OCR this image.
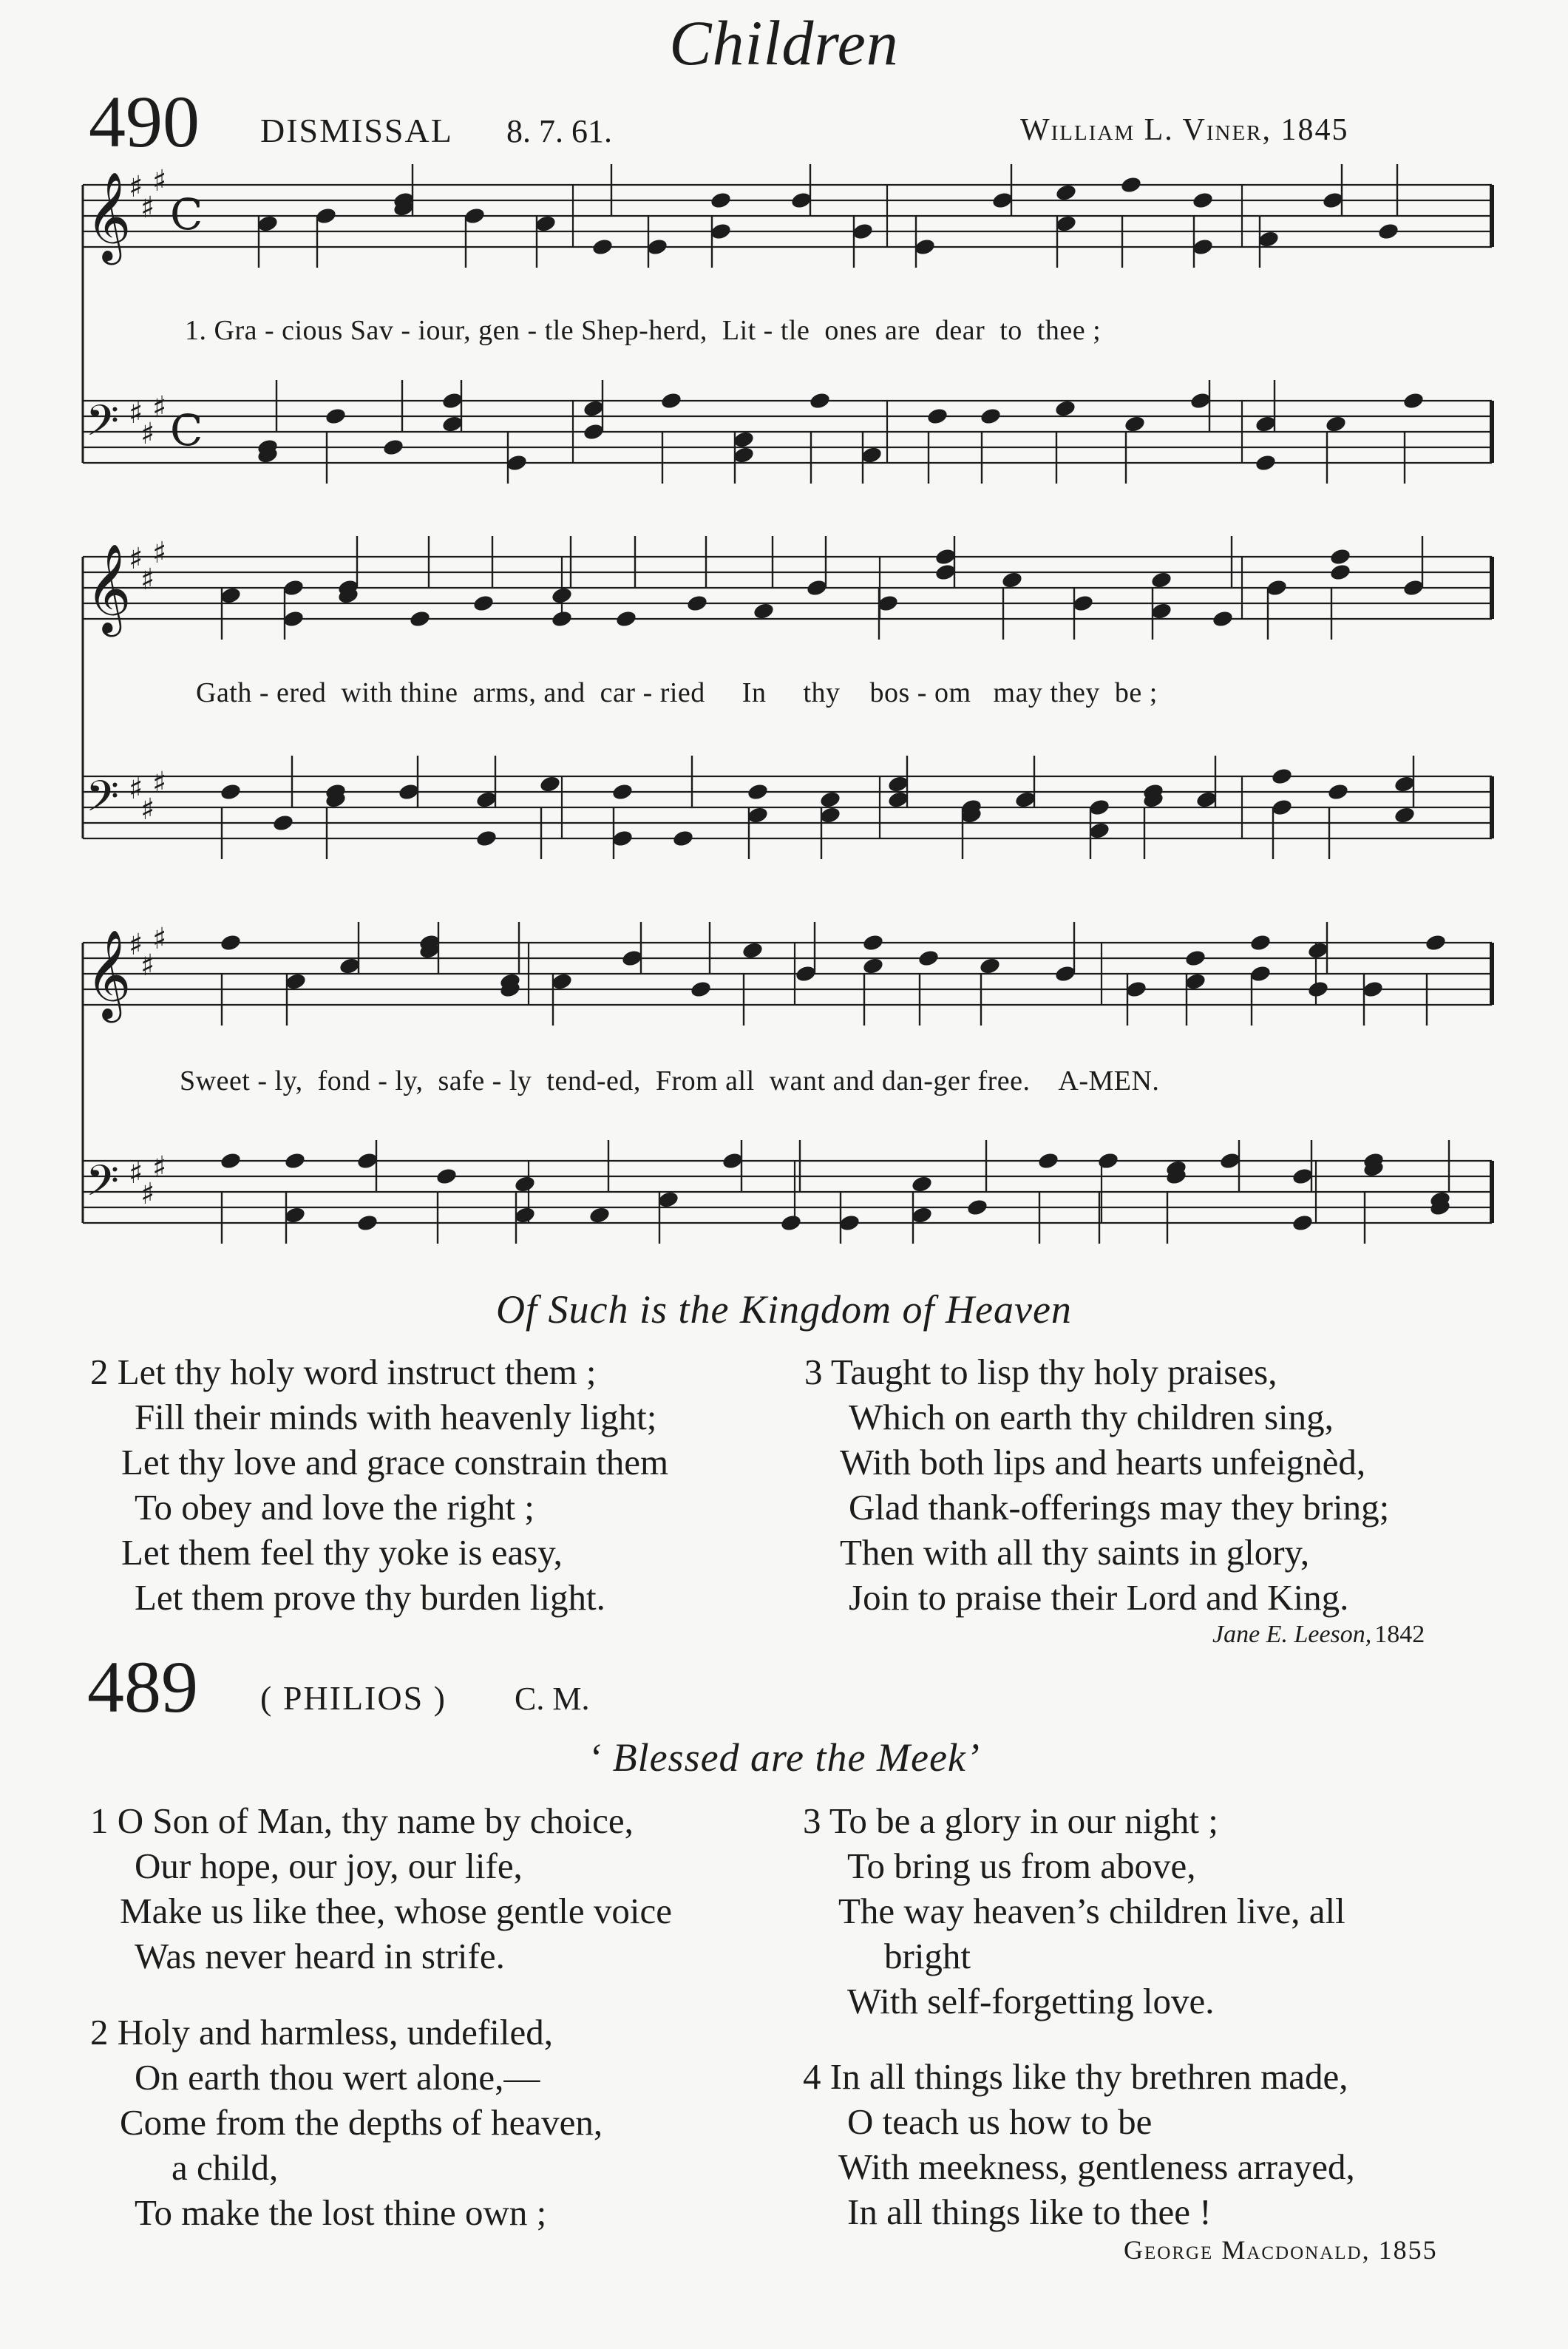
𝄞
♯
♯
♯
C
𝄢 ♯
♯
♯ C
𝄞
♯
♯
♯
𝄢 ♯
♯
♯
𝄞
♯
♯
♯
𝄢 ♯
♯
♯
Children
490 DISMISSAL 8. 7. 61.	William L. Viner, 1845
1. Gra - cious Sav - iour, gen - tle Shep-herd,  Lit - tle  ones are  dear  to  thee ;
Gath - ered  with thine  arms, and  car - ried     In     thy    bos - om   may they  be ;
Sweet - ly,  fond - ly,  safe - ly  tend-ed,  From all  want and dan-ger free.    A-MEN.
Of Such is the Kingdom of Heaven
2 Let thy holy word instruct them ;
Fill their minds with heavenly light;
Let thy love and grace constrain them
To obey and love the right ;
Let them feel thy yoke is easy,
Let them prove thy burden light.
3 Taught to lisp thy holy praises,
Which on earth thy children sing,
With both lips and hearts unfeignèd,
Glad thank-offerings may they bring;
Then with all thy saints in glory,
Join to praise their Lord and King.
Jane E. Leeson, 1842
489 ( PHILIOS ) C. M.
‘ Blessed are the Meek’
1 O Son of Man, thy name by choice,
Our hope, our joy, our life,
Make us like thee, whose gentle voice
Was never heard in strife.
2 Holy and harmless, undefiled,
On earth thou wert alone,—
Come from the depths of heaven,
a child,
To make the lost thine own ;
3 To be a glory in our night ;
To bring us from above,
The way heaven’s children live, all
bright
With self-forgetting love.
4 In all things like thy brethren made,
O teach us how to be
With meekness, gentleness arrayed,
In all things like to thee !
George Macdonald, 1855
